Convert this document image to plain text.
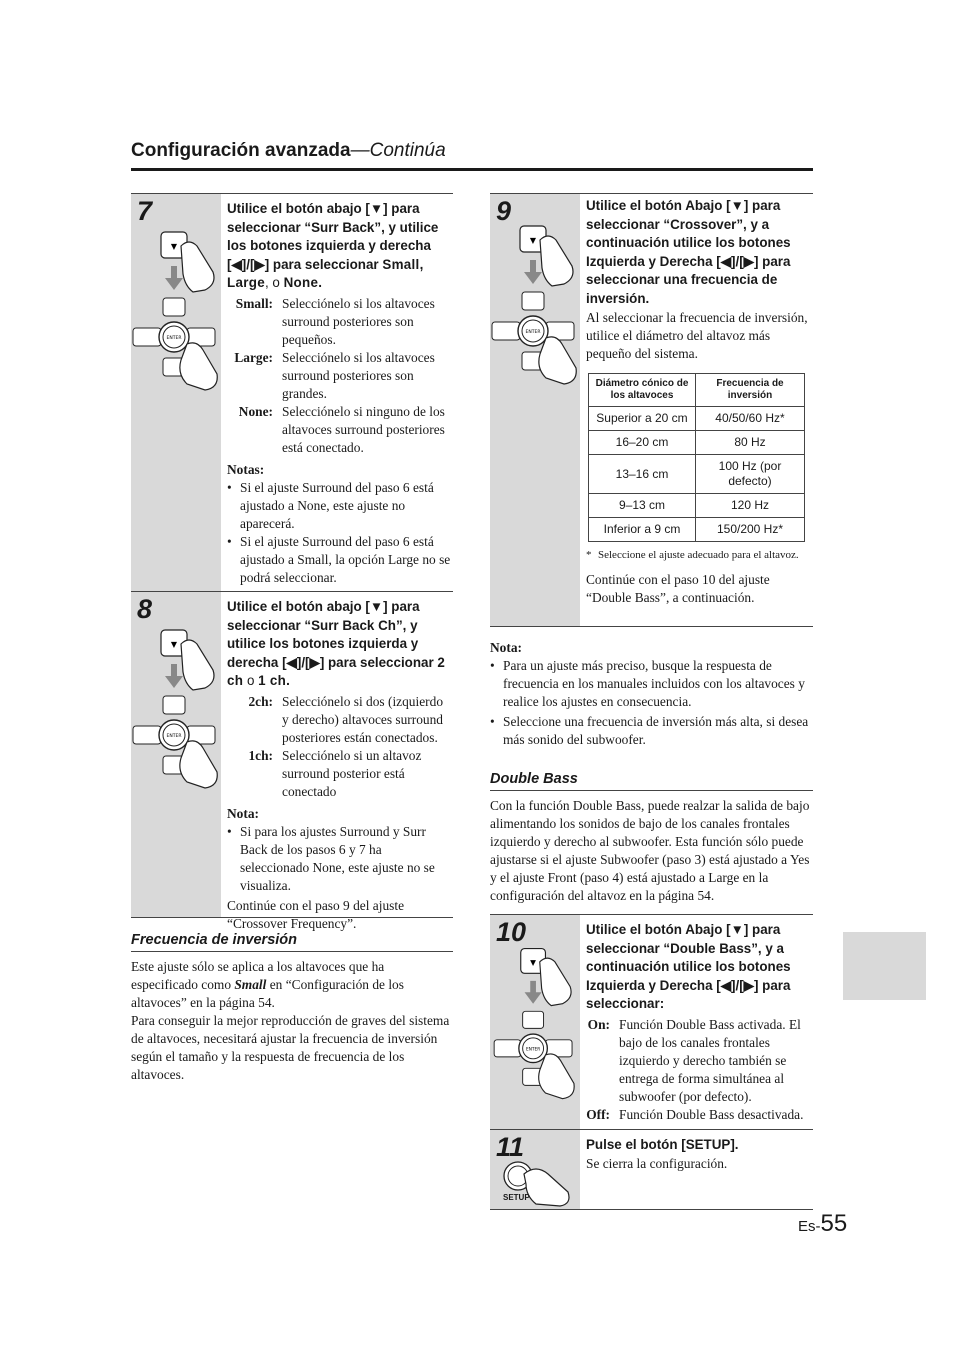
Configuración avanzada—Continúa
7
▼
ENTER
Utilice el botón abajo [▼] para seleccionar “Surr Back”, y utilice los botones izquierda y derecha [◀]/[▶] para seleccionar Small, Large, o None.
Small: Selecciónelo si los altavoces surround posteriores son pequeños.
Large: Selecciónelo si los altavoces surround posteriores son grandes.
None: Selecciónelo si ninguno de los altavoces surround posteriores está conectado.
Notas:
• Si el ajuste Surround del paso 6 está ajustado a None, este ajuste no aparecerá.
• Si el ajuste Surround del paso 6 está ajustado a Small, la opción Large no se podrá seleccionar.
8
▼
ENTER
Utilice el botón abajo [▼] para seleccionar “Surr Back Ch”, y utilice los botones izquierda y derecha [◀]/[▶] para seleccionar 2 ch o 1 ch.
2ch: Selecciónelo si dos (izquierdo y derecho) altavoces surround posteriores están conectados.
1ch: Selecciónelo si un altavoz surround posterior está conectado
Nota:
• Si para los ajustes Surround y Surr Back de los pasos 6 y 7 ha seleccionado None, este ajuste no se visualiza.
Continúe con el paso 9 del ajuste “Crossover Frequency”.
Frecuencia de inversión
Este ajuste sólo se aplica a los altavoces que ha especificado como Small en “Configuración de los altavoces” en la página 54.
Para conseguir la mejor reproducción de graves del sistema de altavoces, necesitará ajustar la frecuencia de inversión según el tamaño y la respuesta de frecuencia de los altavoces.
9
▼
ENTER
Utilice el botón Abajo [▼] para seleccionar “Crossover”, y a continuación utilice los botones Izquierda y Derecha [◀]/[▶] para seleccionar una frecuencia de inversión.
Al seleccionar la frecuencia de inversión, utilice el diámetro del altavoz más pequeño del sistema.
Diámetro cónico de los altavoces	Frecuencia de inversión
Superior a 20 cm	40/50/60 Hz*
16–20 cm	80 Hz
13–16 cm	100 Hz (por defecto)
9–13 cm	120 Hz
Inferior a 9 cm	150/200 Hz*
* Seleccione el ajuste adecuado para el altavoz.
Continúe con el paso 10 del ajuste “Double Bass”, a continuación.
Nota:
• Para un ajuste más preciso, busque la respuesta de frecuencia en los manuales incluidos con los altavoces y realice los ajustes en consecuencia.
• Seleccione una frecuencia de inversión más alta, si desea más sonido del subwoofer.
Double Bass
Con la función Double Bass, puede realzar la salida de bajo alimentando los sonidos de bajo de los canales frontales izquierdo y derecho al subwoofer. Esta función sólo puede ajustarse si el ajuste Subwoofer (paso 3) está ajustado a Yes y el ajuste Front (paso 4) está ajustado a Large en la configuración del altavoz en la página 54.
10
▼
ENTER
Utilice el botón Abajo [▼] para seleccionar “Double Bass”, y a continuación utilice los botones Izquierda y Derecha [◀]/[▶] para seleccionar:
On: Función Double Bass activada. El bajo de los canales frontales izquierdo y derecho también se entrega de forma simultánea al subwoofer (por defecto).
Off: Función Double Bass desactivada.
11
SETUP
Pulse el botón [SETUP].
Se cierra la configuración.
Es-55
